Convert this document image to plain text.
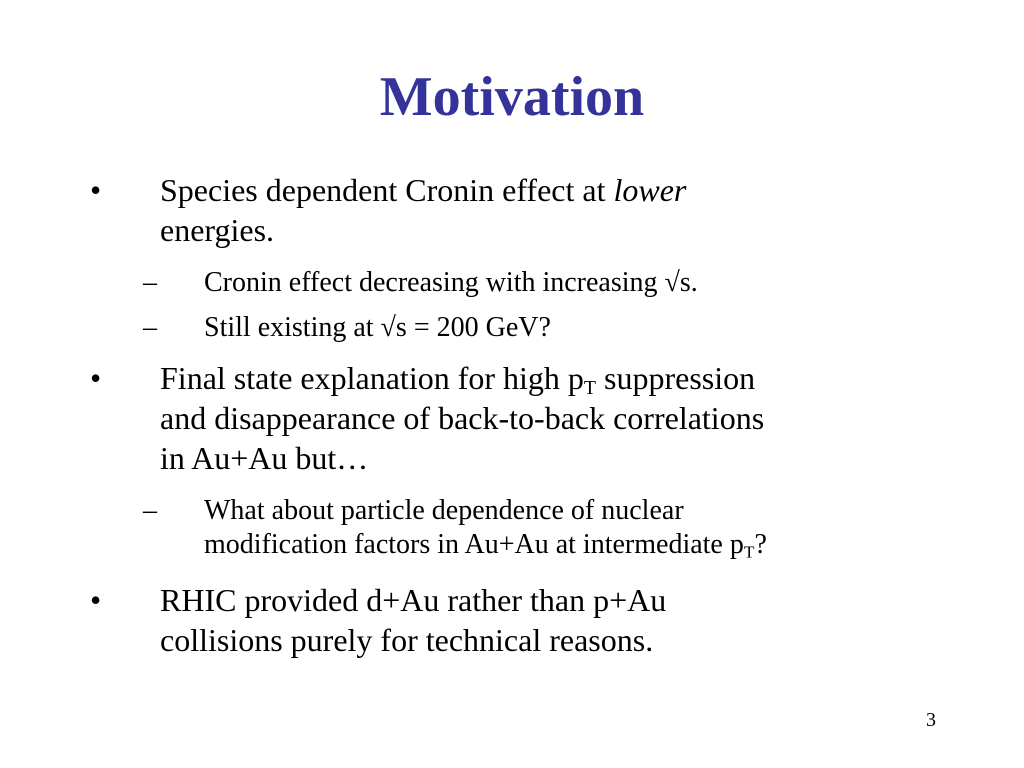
Motivation
• Species dependent Cronin effect at lower
energies.
– Cronin effect decreasing with increasing √s.
– Still existing at √s = 200 GeV?
• Final state explanation for high $p_T$ suppression
and disappearance of back-to-back correlations
in Au+Au but…
– What about particle dependence of nuclear
modification factors in Au+Au at intermediate $p_T$?
• RHIC provided d+Au rather than p+Au
collisions purely for technical reasons.
3
